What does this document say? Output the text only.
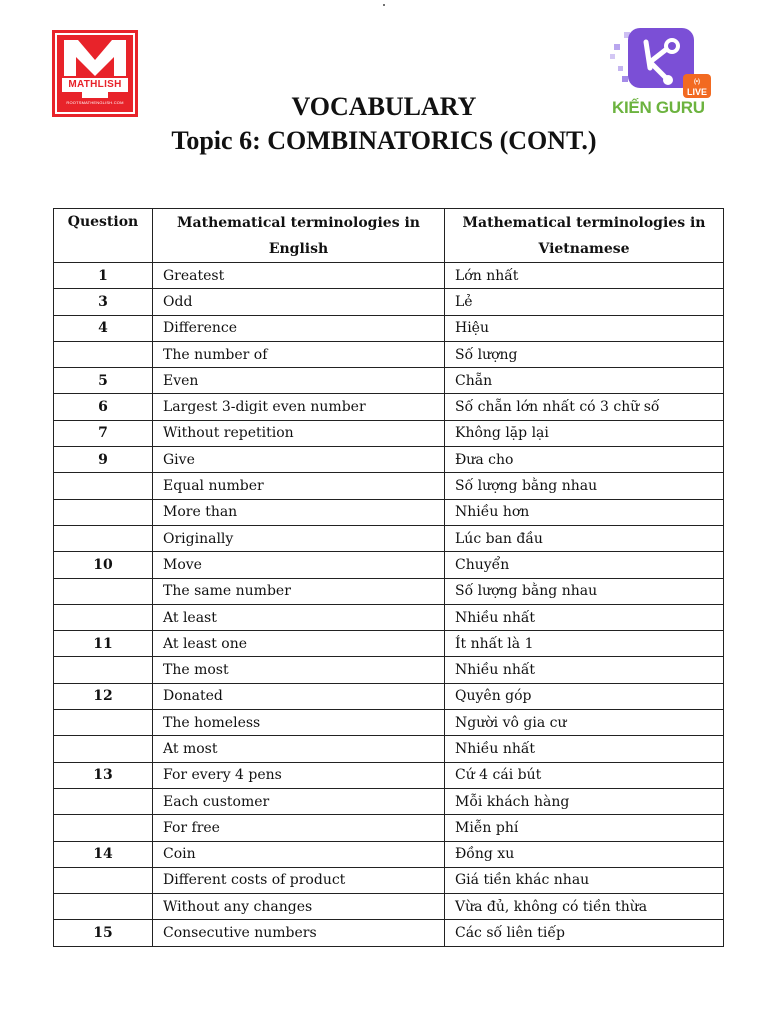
MATHLISH
ROOTSMATHENGLISH.COM
(•)
LIVE
KIẾN GURU
VOCABULARY
Topic 6: COMBINATORICS (CONT.)
Question	Mathematical terminologies in English	Mathematical terminologies in Vietnamese
1	Greatest	Lớn nhất
3	Odd	Lẻ
4	Difference	Hiệu
	The number of	Số lượng
5	Even	Chẵn
6	Largest 3-digit even number	Số chẵn lớn nhất có 3 chữ số
7	Without repetition	Không lặp lại
9	Give	Đưa cho
	Equal number	Số lượng bằng nhau
	More than	Nhiều hơn
	Originally	Lúc ban đầu
10	Move	Chuyển
	The same number	Số lượng bằng nhau
	At least	Nhiều nhất
11	At least one	Ít nhất là 1
	The most	Nhiều nhất
12	Donated	Quyên góp
	The homeless	Người vô gia cư
	At most	Nhiều nhất
13	For every 4 pens	Cứ 4 cái bút
	Each customer	Mỗi khách hàng
	For free	Miễn phí
14	Coin	Đồng xu
	Different costs of product	Giá tiền khác nhau
	Without any changes	Vừa đủ, không có tiền thừa
15	Consecutive numbers	Các số liên tiếp
